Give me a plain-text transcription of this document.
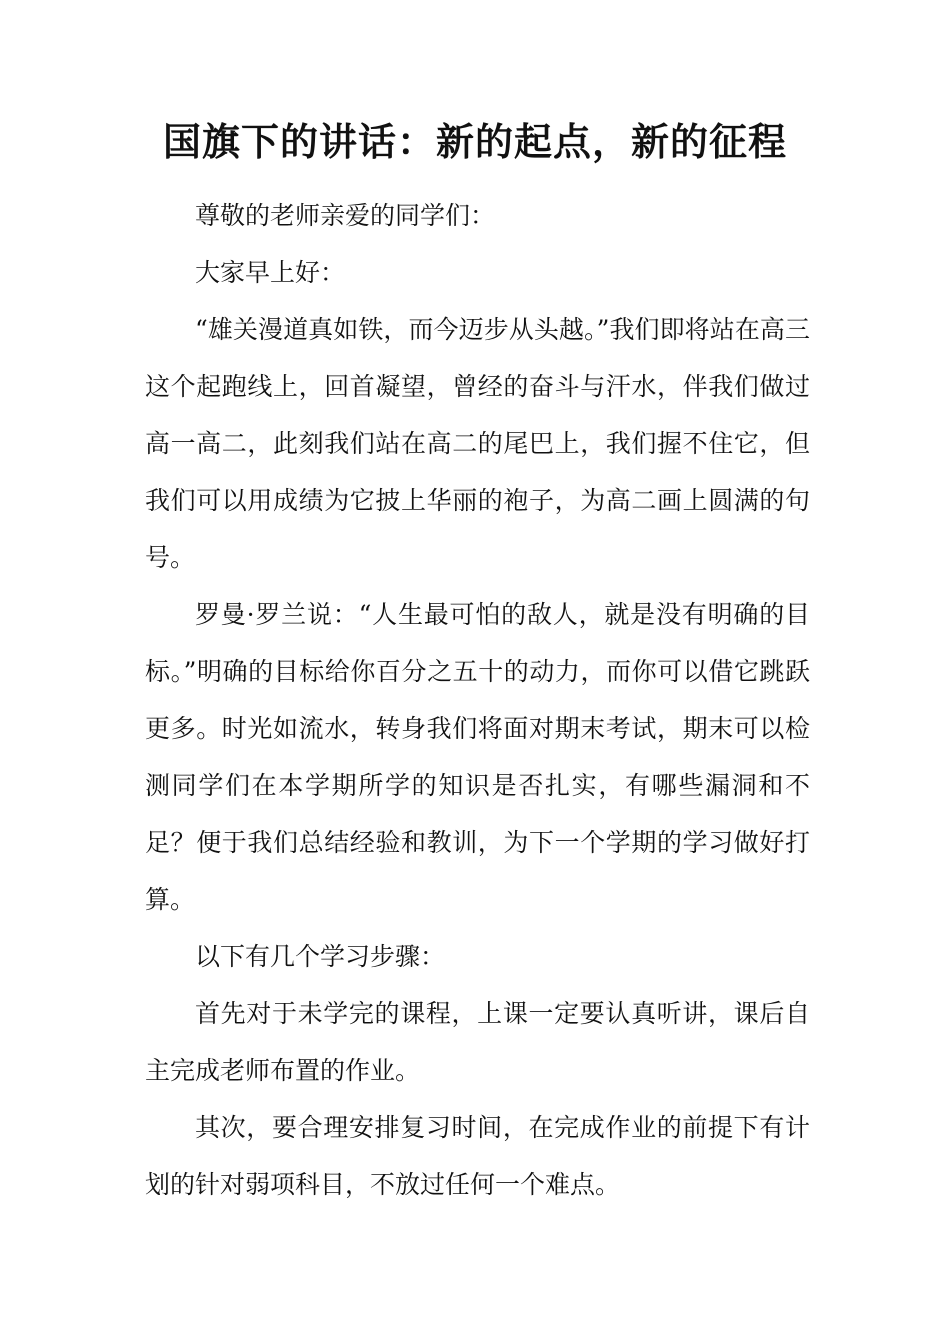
国旗下的讲话：新的起点，新的征程

尊敬的老师亲爱的同学们：

大家早上好：

“雄关漫道真如铁，而今迈步从头越。”我们即将站在高三这个起跑线上，回首凝望，曾经的奋斗与汗水，伴我们做过高一高二，此刻我们站在高二的尾巴上，我们握不住它，但我们可以用成绩为它披上华丽的袍子，为高二画上圆满的句号。

罗曼·罗兰说：“人生最可怕的敌人，就是没有明确的目标。”明确的目标给你百分之五十的动力，而你可以借它跳跃更多。时光如流水，转身我们将面对期末考试，期末可以检测同学们在本学期所学的知识是否扎实，有哪些漏洞和不足？便于我们总结经验和教训，为下一个学期的学习做好打算。

以下有几个学习步骤：

首先对于未学完的课程，上课一定要认真听讲，课后自主完成老师布置的作业。

其次，要合理安排复习时间，在完成作业的前提下有计划的针对弱项科目，不放过任何一个难点。
